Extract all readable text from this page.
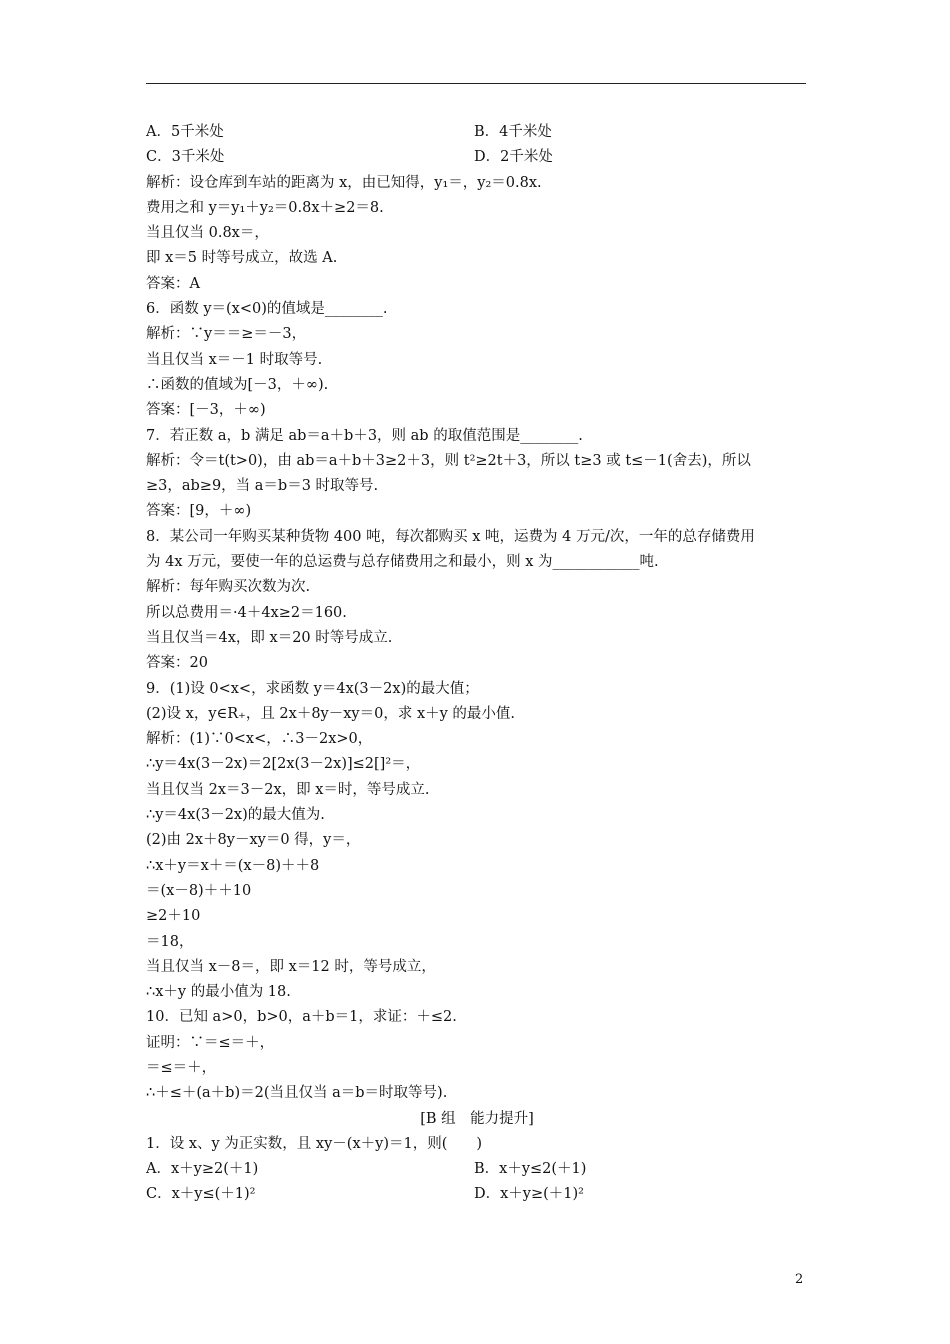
A．5千米处	B．4千米处
C．3千米处	D．2千米处
解析：设仓库到车站的距离为 x，由已知得，y₁＝，y₂＝0.8x.
费用之和 y＝y₁＋y₂＝0.8x＋≥2＝8.
当且仅当 0.8x＝，
即 x＝5 时等号成立，故选 A.
答案：A
6．函数 y＝(x<0)的值域是________.
解析：∵y＝＝≥＝－3，
当且仅当 x＝－1 时取等号.
∴函数的值域为[－3，＋∞).
答案：[－3，＋∞)
7．若正数 a，b 满足 ab＝a＋b＋3，则 ab 的取值范围是________.
解析：令＝t(t>0)，由 ab＝a＋b＋3≥2＋3，则 t²≥2t＋3，所以 t≥3 或 t≤－1(舍去)，所以
≥3，ab≥9，当 a＝b＝3 时取等号.
答案：[9，＋∞)
8．某公司一年购买某种货物 400 吨，每次都购买 x 吨，运费为 4 万元/次，一年的总存储费用
为 4x 万元，要使一年的总运费与总存储费用之和最小，则 x 为____________吨.
解析：每年购买次数为次.
所以总费用＝·4＋4x≥2＝160.
当且仅当＝4x，即 x＝20 时等号成立.
答案：20
9．(1)设 0<x<，求函数 y＝4x(3－2x)的最大值；
(2)设 x，y∈R₊，且 2x＋8y－xy＝0，求 x＋y 的最小值.
解析：(1)∵0<x<，∴3－2x>0，
∴y＝4x(3－2x)＝2[2x(3－2x)]≤2[]²＝，
当且仅当 2x＝3－2x，即 x＝时，等号成立.
∴y＝4x(3－2x)的最大值为.
(2)由 2x＋8y－xy＝0 得，y＝，
∴x＋y＝x＋＝(x－8)＋＋8
＝(x－8)＋＋10
≥2＋10
＝18，
当且仅当 x－8＝，即 x＝12 时，等号成立，
∴x＋y 的最小值为 18.
10．已知 a>0，b>0，a＋b＝1，求证：＋≤2.
证明：∵＝≤＝＋，
＝≤＝＋，
∴＋≤＋(a＋b)＝2(当且仅当 a＝b＝时取等号).
[B 组　能力提升]
1．设 x、y 为正实数，且 xy－(x＋y)＝1，则(　　)
A．x＋y≥2(＋1)	B．x＋y≤2(＋1)
C．x＋y≤(＋1)²	D．x＋y≥(＋1)²
2
